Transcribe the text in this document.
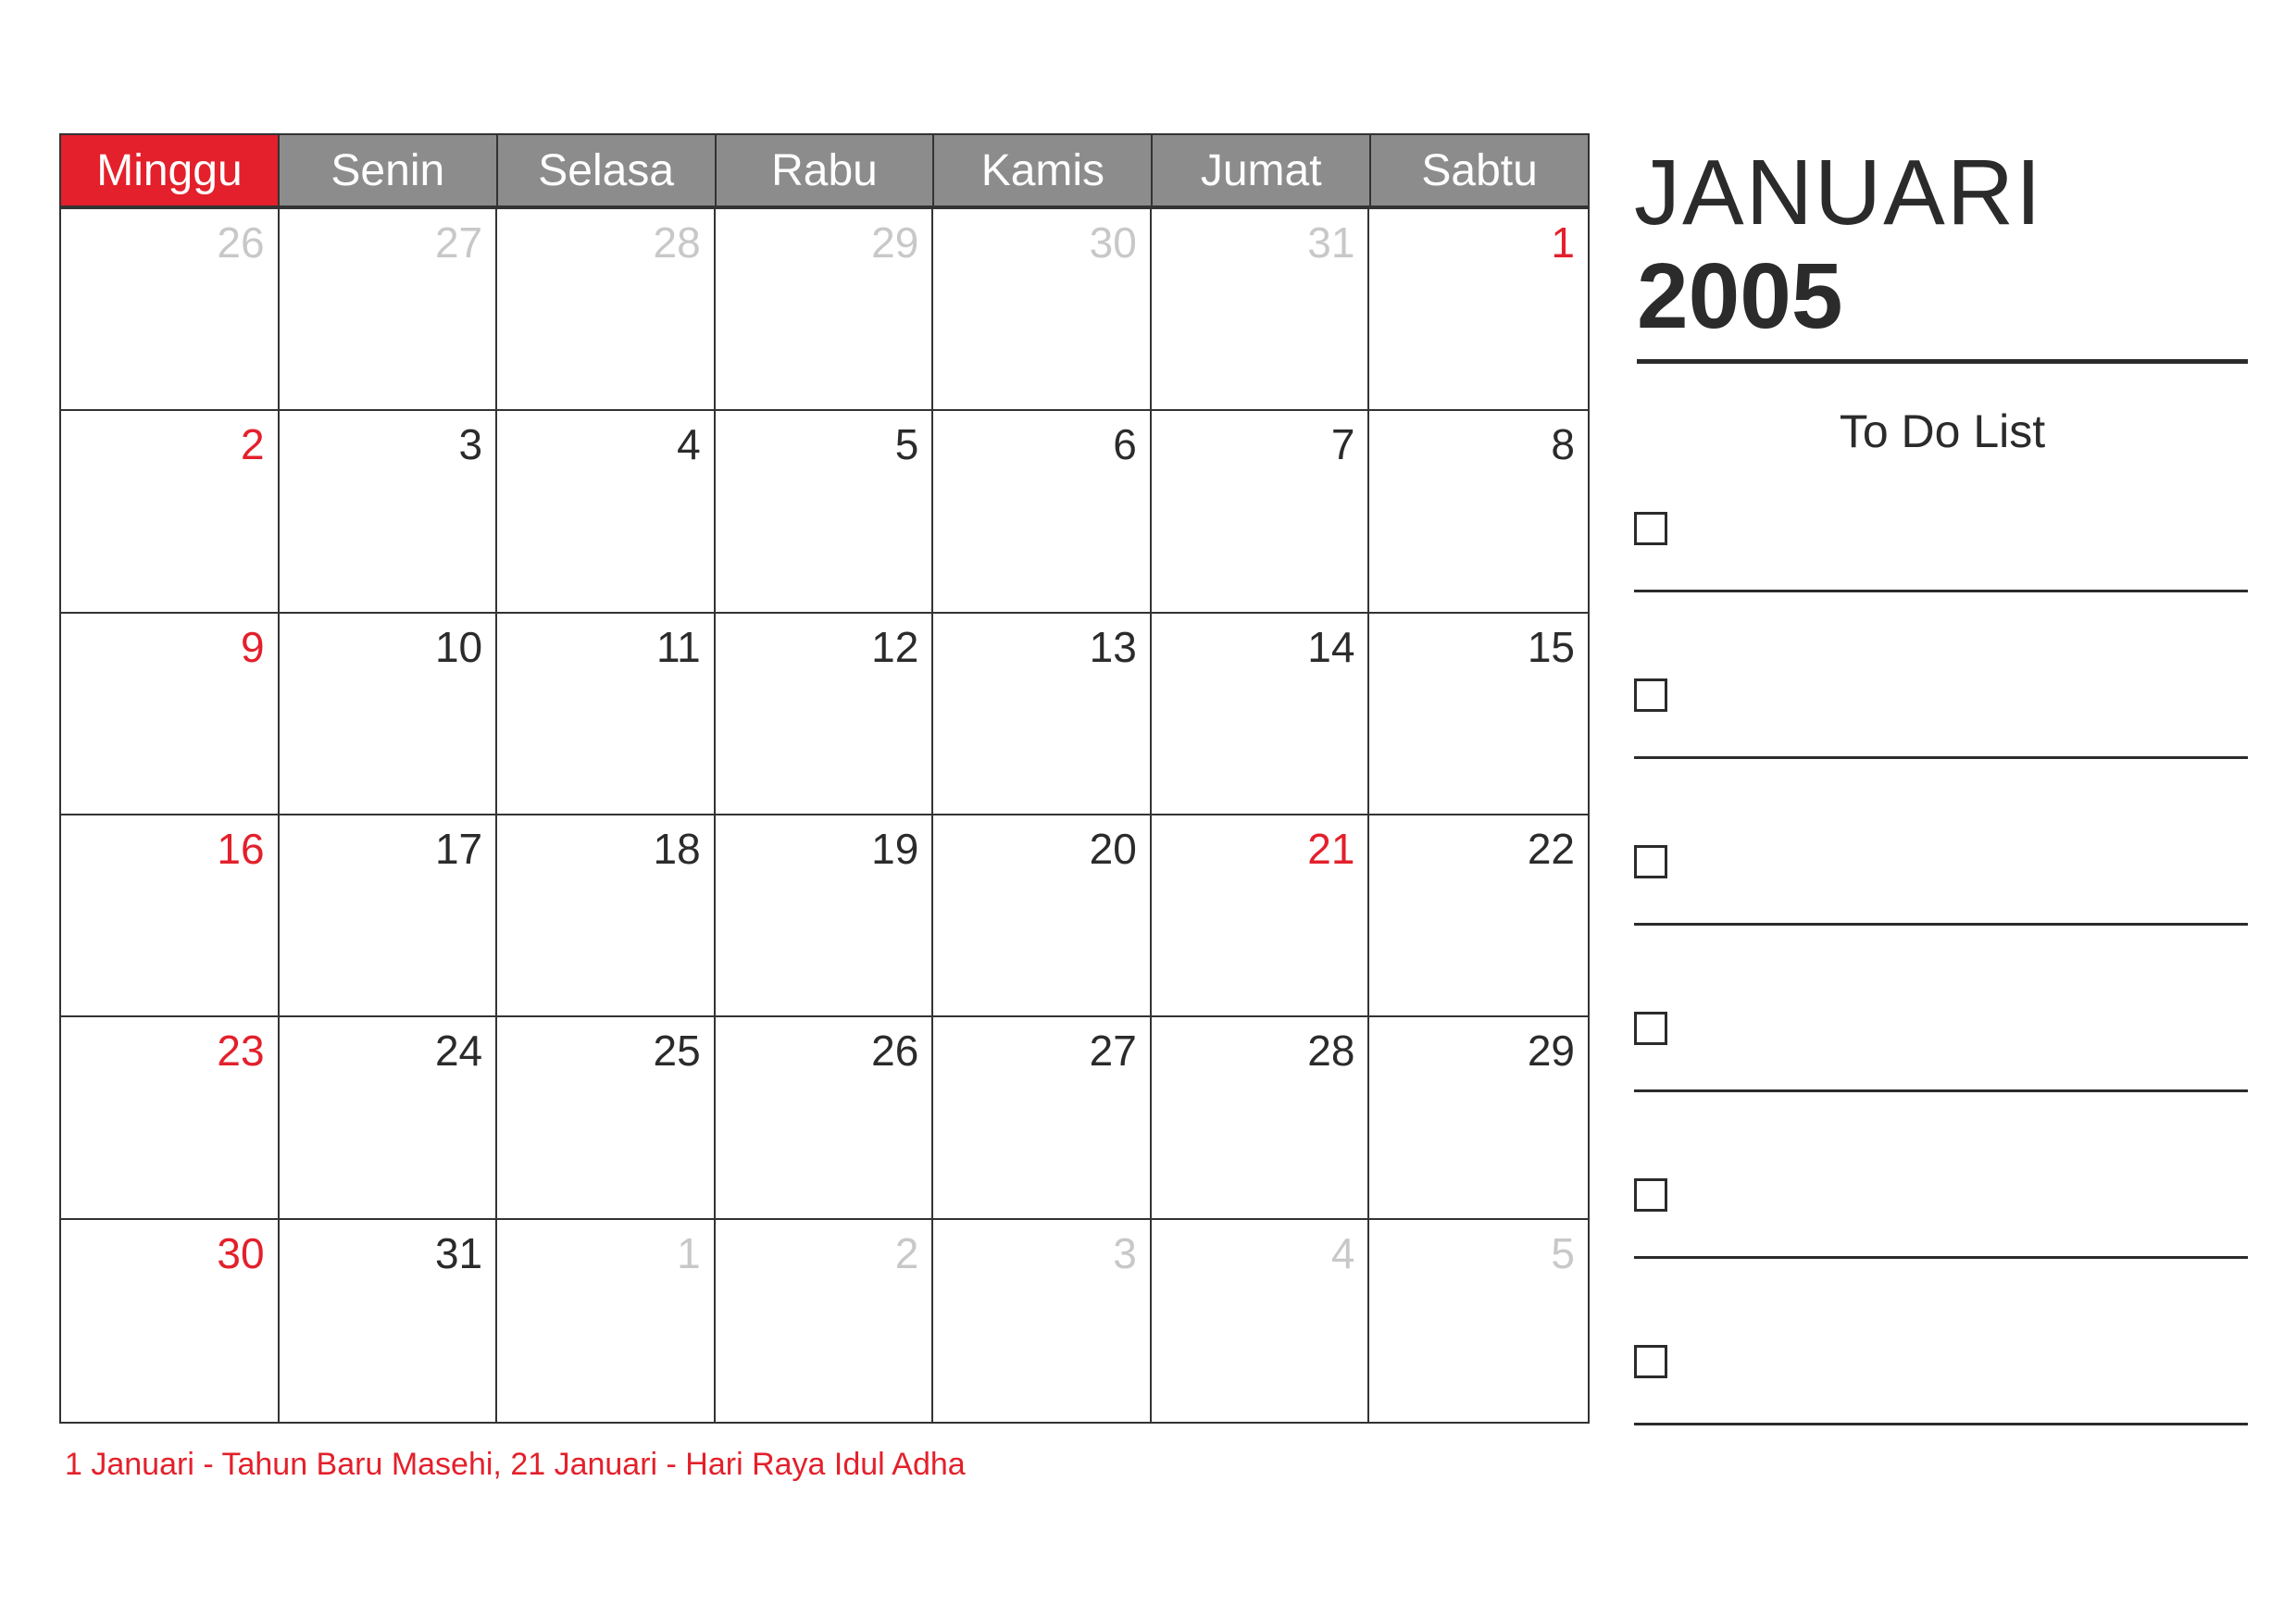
Minggu	Senin	Selasa	Rabu	Kamis	Jumat	Sabtu
26	27	28	29	30	31	1
2	3	4	5	6	7	8
9	10	11	12	13	14	15
16	17	18	19	20	21	22
23	24	25	26	27	28	29
30	31	1	2	3	4	5
1 Januari - Tahun Baru Masehi, 21 Januari - Hari Raya Idul Adha
JANUARI
2005
To Do List
